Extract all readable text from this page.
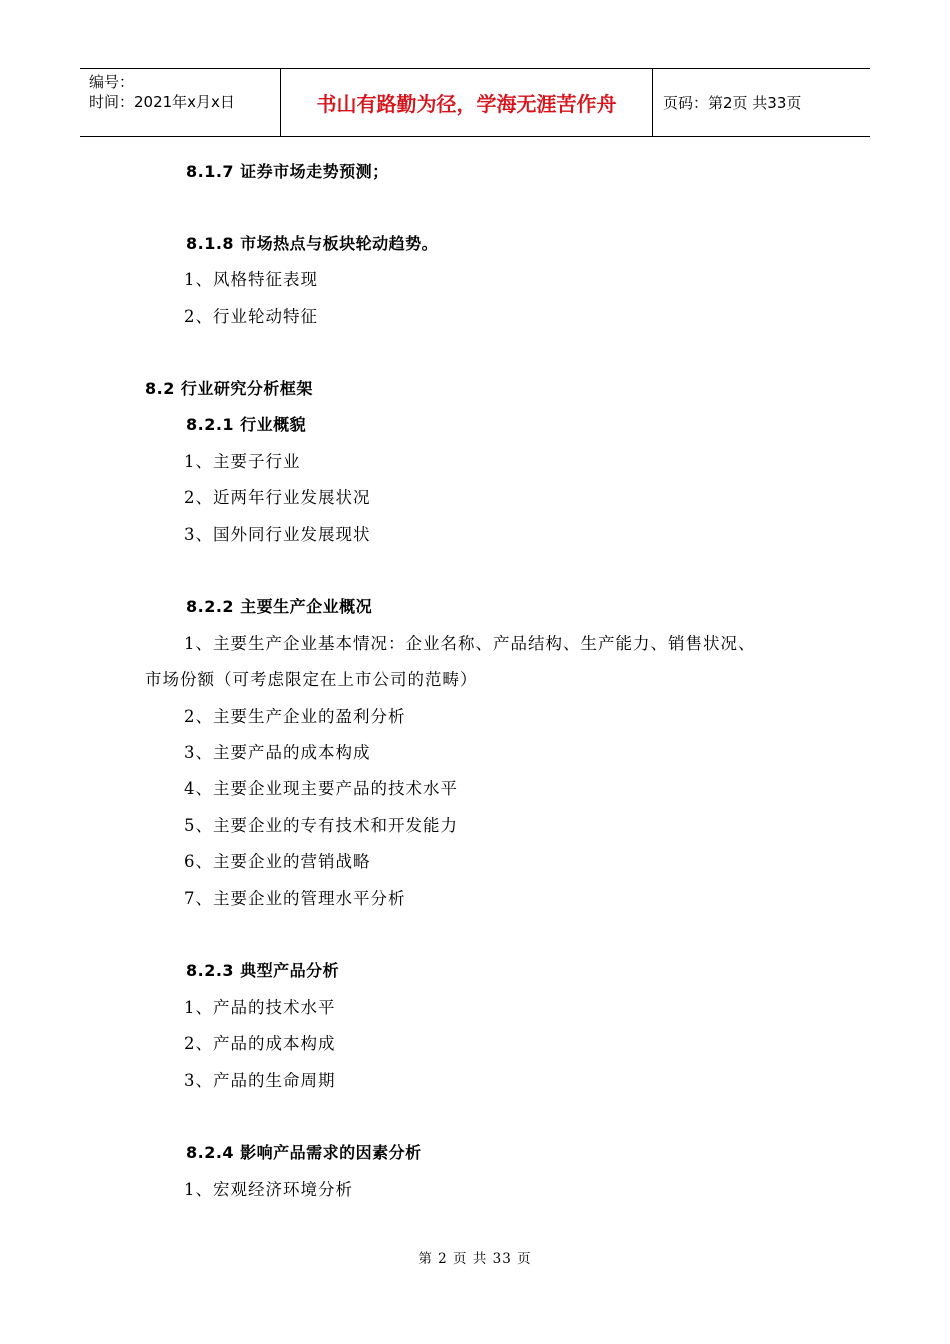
编号：
时间：2021年x月x日	书山有路勤为径，学海无涯苦作舟	页码：第2页 共33页
8.1.7 证券市场走势预测；
8.1.8 市场热点与板块轮动趋势。
1、风格特征表现
2、行业轮动特征
8.2 行业研究分析框架
8.2.1 行业概貌
1、主要子行业
2、近两年行业发展状况
3、国外同行业发展现状
8.2.2 主要生产企业概况
1、主要生产企业基本情况：企业名称、产品结构、生产能力、销售状况、
市场份额（可考虑限定在上市公司的范畴）
2、主要生产企业的盈利分析
3、主要产品的成本构成
4、主要企业现主要产品的技术水平
5、主要企业的专有技术和开发能力
6、主要企业的营销战略
7、主要企业的管理水平分析
8.2.3 典型产品分析
1、产品的技术水平
2、产品的成本构成
3、产品的生命周期
8.2.4 影响产品需求的因素分析
1、宏观经济环境分析
第 2 页 共 33 页
